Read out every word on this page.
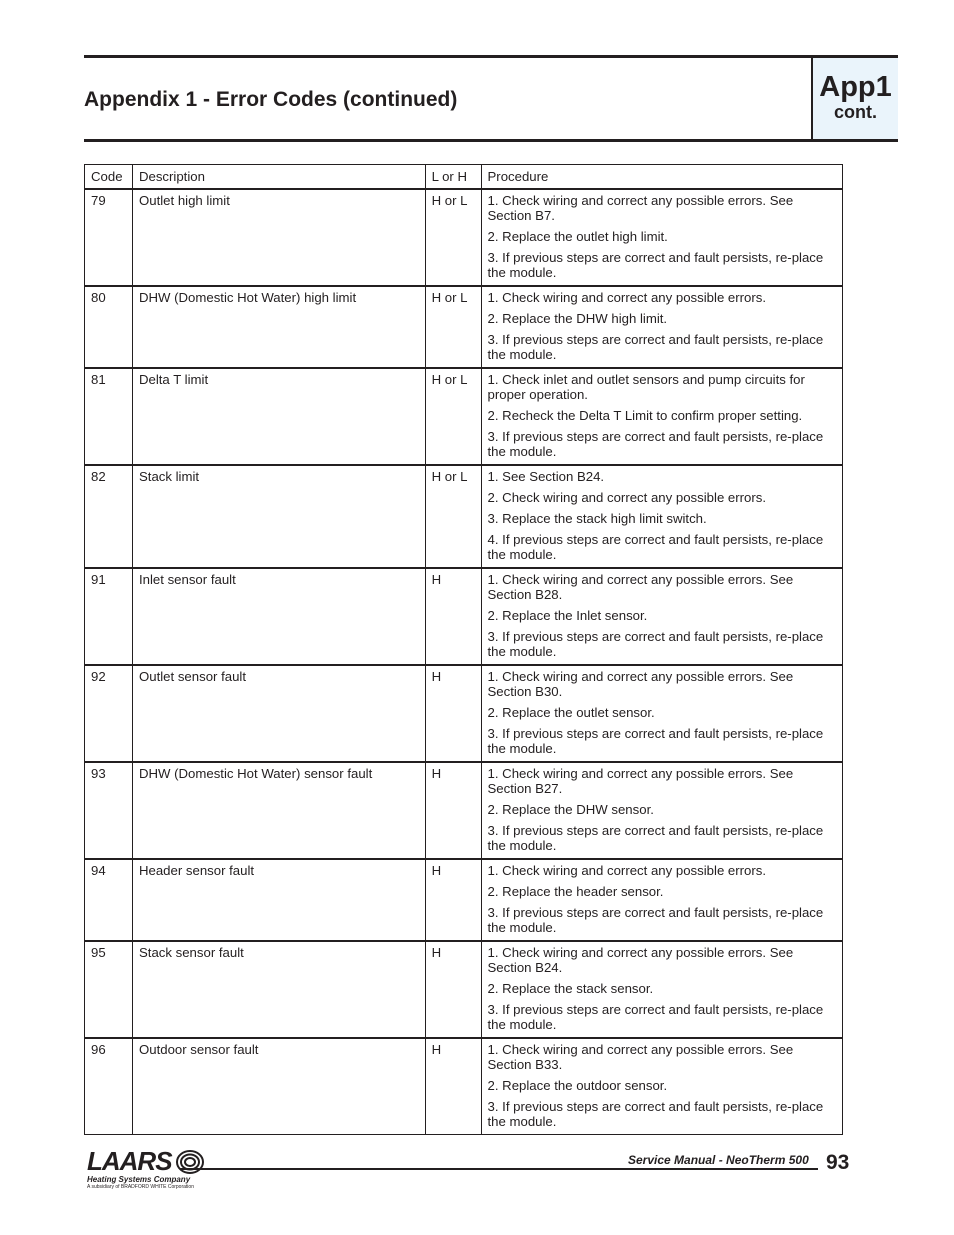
Appendix 1 - Error Codes (continued)	App1
cont.
Code	Description	L or H	Procedure
79	Outlet high limit	H or L	1. Check wiring and correct any possible errors. See Section B7.
2. Replace the outlet high limit.
3. If previous steps are correct and fault persists, re-place the module.

80	DHW (Domestic Hot Water) high limit	H or L	1. Check wiring and correct any possible errors.
2. Replace the DHW high limit.
3. If previous steps are correct and fault persists, re-place the module.

81	Delta T limit	H or L	1. Check inlet and outlet sensors and pump circuits for proper operation.
2. Recheck the Delta T Limit to confirm proper setting.
3. If previous steps are correct and fault persists, re-place the module.

82	Stack limit	H or L	1. See Section B24.
2. Check wiring and correct any possible errors.
3. Replace the stack high limit switch.
4. If previous steps are correct and fault persists, re-place the module.

91	Inlet sensor fault	H	1. Check wiring and correct any possible errors. See Section B28.
2. Replace the Inlet sensor.
3. If previous steps are correct and fault persists, re-place the module.

92	Outlet sensor fault	H	1. Check wiring and correct any possible errors. See Section B30.
2. Replace the outlet sensor.
3. If previous steps are correct and fault persists, re-place the module.

93	DHW (Domestic Hot Water) sensor fault	H	1. Check wiring and correct any possible errors. See Section B27.
2. Replace the DHW sensor.
3. If previous steps are correct and fault persists, re-place the module.

94	Header sensor fault	H	1. Check wiring and correct any possible errors.
2. Replace the header sensor.
3. If previous steps are correct and fault persists, re-place the module.

95	Stack sensor fault	H	1. Check wiring and correct any possible errors. See Section B24.
2. Replace the stack sensor.
3. If previous steps are correct and fault persists, re-place the module.

96	Outdoor sensor fault	H	1. Check wiring and correct any possible errors. See Section B33.
2. Replace the outdoor sensor.
3. If previous steps are correct and fault persists, re-place the module.
LAARS
Heating Systems Company
A subsidiary of BRADFORD WHITE Corporation
Service Manual - NeoTherm 500 93
